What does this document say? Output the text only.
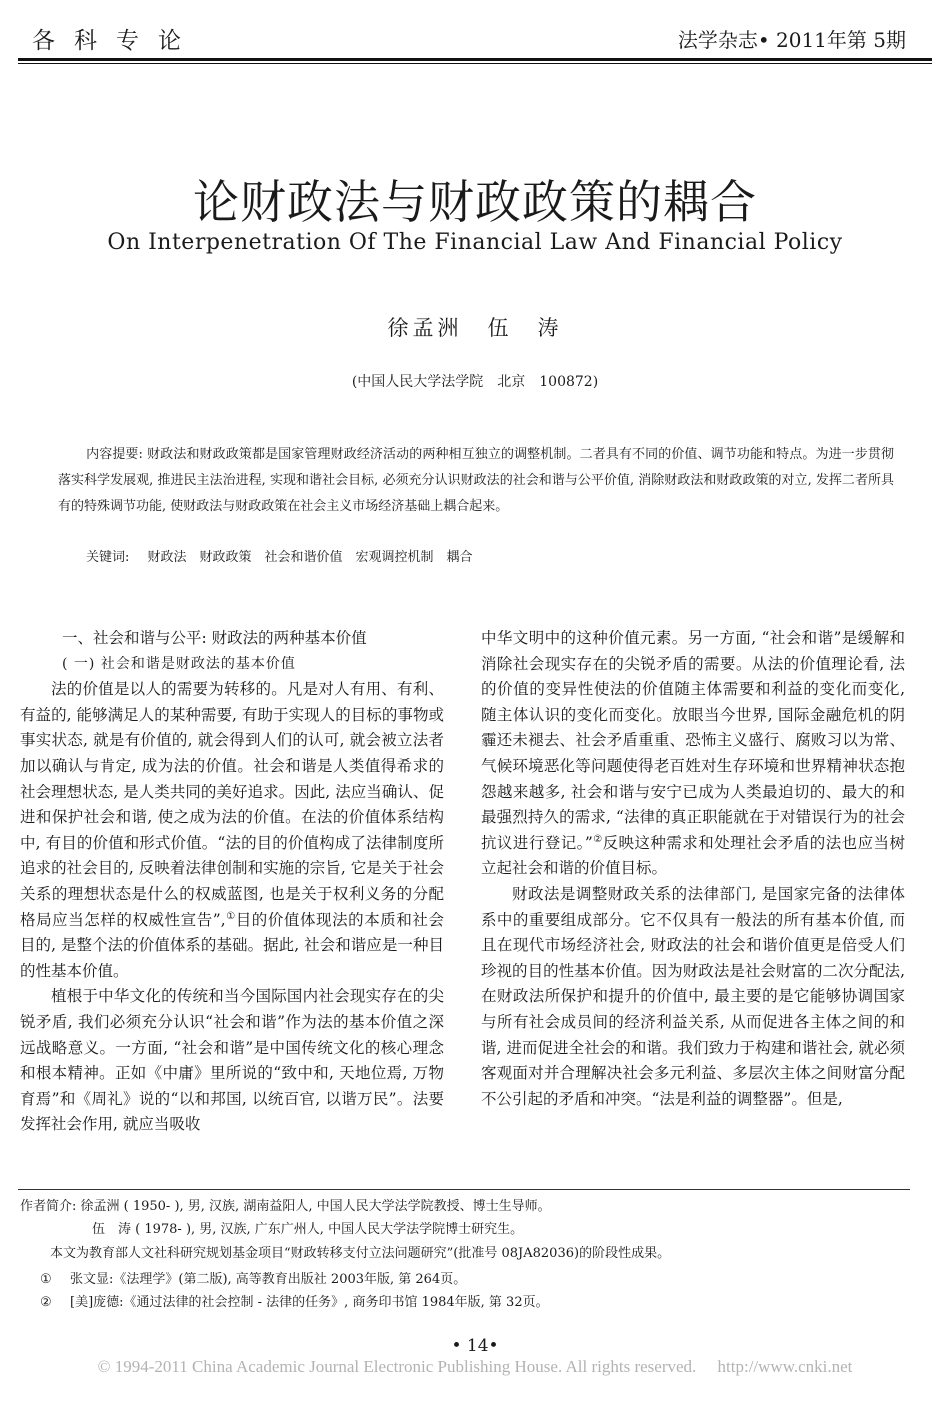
各科专论	法学杂志• 2011年第 5期
论财政法与财政政策的耦合
On Interpenetration Of The Financial Law And Financial Policy
徐孟洲　伍　涛
(中国人民大学法学院　北京　100872)
内容提要: 财政法和财政政策都是国家管理财政经济活动的两种相互独立的调整机制。二者具有不同的价值、调节功能和特点。为进一步贯彻落实科学发展观, 推进民主法治进程, 实现和谐社会目标, 必须充分认识财政法的社会和谐与公平价值, 消除财政法和财政政策的对立, 发挥二者所具有的特殊调节功能, 使财政法与财政政策在社会主义市场经济基础上耦合起来。
关键词: 财政法　财政政策　社会和谐价值　宏观调控机制　耦合
一、社会和谐与公平: 财政法的两种基本价值
( 一) 社会和谐是财政法的基本价值

法的价值是以人的需要为转移的。凡是对人有用、有利、有益的, 能够满足人的某种需要, 有助于实现人的目标的事物或事实状态, 就是有价值的, 就会得到人们的认可, 就会被立法者加以确认与肯定, 成为法的价值。社会和谐是人类值得希求的社会理想状态, 是人类共同的美好追求。因此, 法应当确认、促进和保护社会和谐, 使之成为法的价值。在法的价值体系结构中, 有目的价值和形式价值。“法的目的价值构成了法律制度所追求的社会目的, 反映着法律创制和实施的宗旨, 它是关于社会关系的理想状态是什么的权威蓝图, 也是关于权利义务的分配格局应当怎样的权威性宣告”,①目的价值体现法的本质和社会目的, 是整个法的价值体系的基础。据此, 社会和谐应是一种目的性基本价值。

植根于中华文化的传统和当今国际国内社会现实存在的尖锐矛盾, 我们必须充分认识“社会和谐”作为法的基本价值之深远战略意义。一方面, “社会和谐”是中国传统文化的核心理念和根本精神。正如《中庸》里所说的“致中和, 天地位焉, 万物育焉”和《周礼》说的“以和邦国, 以统百官, 以谐万民”。法要发挥社会作用, 就应当吸收

中华文明中的这种价值元素。另一方面, “社会和谐”是缓解和消除社会现实存在的尖锐矛盾的需要。从法的价值理论看, 法的价值的变异性使法的价值随主体需要和利益的变化而变化, 随主体认识的变化而变化。放眼当今世界, 国际金融危机的阴霾还未褪去、社会矛盾重重、恐怖主义盛行、腐败习以为常、气候环境恶化等问题使得老百姓对生存环境和世界精神状态抱怨越来越多, 社会和谐与安宁已成为人类最迫切的、最大的和最强烈持久的需求, “法律的真正职能就在于对错误行为的社会抗议进行登记。”②反映这种需求和处理社会矛盾的法也应当树立起社会和谐的价值目标。

财政法是调整财政关系的法律部门, 是国家完备的法律体系中的重要组成部分。它不仅具有一般法的所有基本价值, 而且在现代市场经济社会, 财政法的社会和谐价值更是倍受人们珍视的目的性基本价值。因为财政法是社会财富的二次分配法, 在财政法所保护和提升的价值中, 最主要的是它能够协调国家与所有社会成员间的经济利益关系, 从而促进各主体之间的和谐, 进而促进全社会的和谐。我们致力于构建和谐社会, 就必须客观面对并合理解决社会多元利益、多层次主体之间财富分配不公引起的矛盾和冲突。“法是利益的调整器”。但是,

作者简介: 徐孟洲 ( 1950- ), 男, 汉族, 湖南益阳人, 中国人民大学法学院教授、博士生导师。
伍　涛 ( 1978- ), 男, 汉族, 广东广州人, 中国人民大学法学院博士研究生。
本文为教育部人文社科研究规划基金项目“财政转移支付立法问题研究”(批准号 08JA82036)的阶段性成果。
① 张文显:《法理学》(第二版), 高等教育出版社 2003年版, 第 264页。
② [美]庞德:《通过法律的社会控制 - 法律的任务》, 商务印书馆 1984年版, 第 32页。
© 1994-2011 China Academic Journal Electronic Publishing House. All rights reserved.　 http://www.cnki.net
• 14•
